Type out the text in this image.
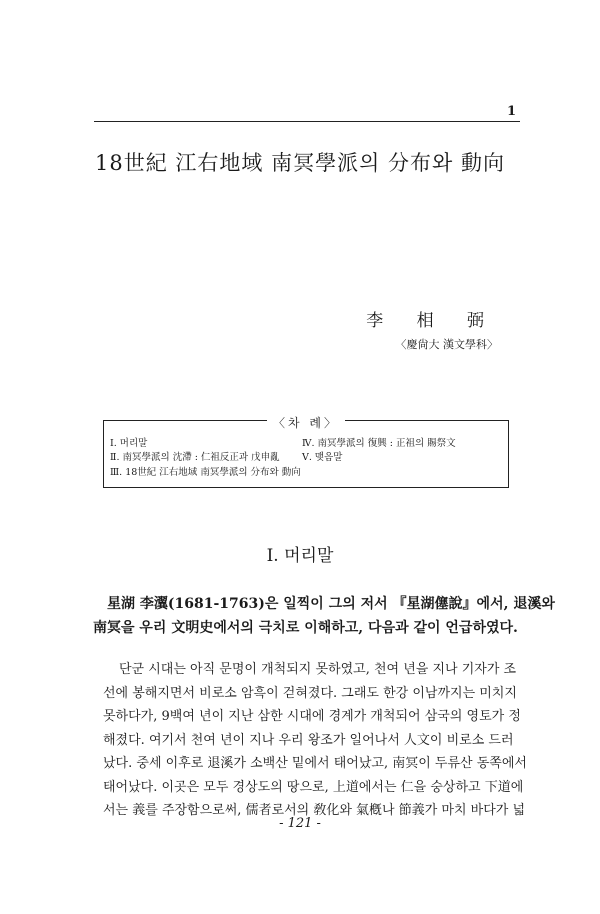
1
18世紀 江右地域 南冥學派의 分布와 動向
李 相 弼
〈慶尙大 漢文學科〉
〈차 례〉
Ⅰ. 머리말
Ⅱ. 南冥學派의 沈滯 : 仁祖反正과 戊申亂
Ⅲ. 18世紀 江右地域 南冥學派의 分布와 動向
Ⅳ. 南冥學派의 復興 : 正祖의 賜祭文
Ⅴ. 맺음말
Ⅰ. 머리말

星湖 李瀷(1681-1763)은 일찍이 그의 저서 『星湖僿說』에서, 退溪와

南冥을 우리 文明史에서의 극치로 이해하고, 다음과 같이 언급하였다.

단군 시대는 아직 문명이 개척되지 못하였고, 천여 년을 지나 기자가 조

선에 봉해지면서 비로소 암흑이 걷혀졌다. 그래도 한강 이남까지는 미치지

못하다가, 9백여 년이 지난 삼한 시대에 경계가 개척되어 삼국의 영토가 정

해졌다. 여기서 천여 년이 지나 우리 왕조가 일어나서 人文이 비로소 드러

났다. 중세 이후로 退溪가 소백산 밑에서 태어났고, 南冥이 두류산 동쪽에서

태어났다. 이곳은 모두 경상도의 땅으로, 上道에서는 仁을 숭상하고 下道에

서는 義를 주장함으로써, 儒者로서의 敎化와 氣槪나 節義가 마치 바다가 넓

- 121 -
